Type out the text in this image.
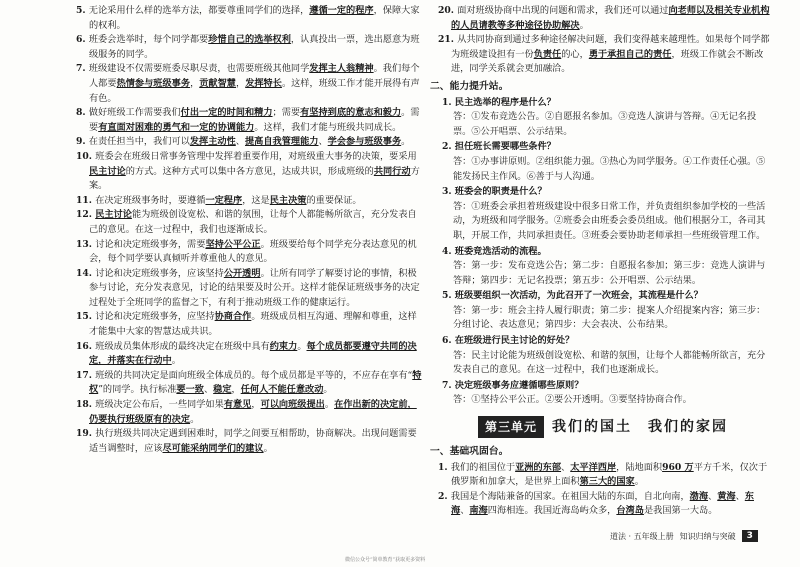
5. 无论采用什么样的选举方法，都要尊重同学们的选择，遵循一定的程序，保障大家的权利。

6. 班委会选举时，每个同学都要珍惜自己的选举权利，认真投出一票，选出愿意为班级服务的同学。

7. 班级建设不仅需要班委尽职尽责，也需要班级其他同学发挥主人翁精神。我们每个人都要热情参与班级事务，贡献智慧，发挥特长。这样，班级工作才能开展得有声有色。

8. 做好班级工作需要我们付出一定的时间和精力；需要有坚持到底的意志和毅力。需要有直面对困难的勇气和一定的协调能力。这样，我们才能与班级共同成长。

9. 在责任担当中，我们可以发挥主动性、提高自我管理能力、学会参与班级事务。

10. 班委会在班级日常事务管理中发挥着重要作用，对班级重大事务的决策，要采用民主讨论的方式。这种方式可以集中各方意见，达成共识，形成班级的共同行动方案。

11. 在决定班级事务时，要遵循一定程序，这是民主决策的重要保证。

12. 民主讨论能为班级创设宽松、和谐的氛围，让每个人都能畅所欲言，充分发表自己的意见。在这一过程中，我们也逐渐成长。

13. 讨论和决定班级事务，需要坚持公平公正。班级要给每个同学充分表达意见的机会，每个同学要认真倾听并尊重他人的意见。

14. 讨论和决定班级事务，应该坚持公开透明。让所有同学了解要讨论的事情，积极参与讨论，充分发表意见，讨论的结果要及时公开。这样才能保证班级事务的决定过程处于全班同学的监督之下，有利于推动班级工作的健康运行。

15. 讨论和决定班级事务，应坚持协商合作。班级成员相互沟通、理解和尊重，这样才能集中大家的智慧达成共识。

16. 班级成员集体形成的最终决定在班级中具有约束力。每个成员都要遵守共同的决定，并落实在行动中。

17. 班级的共同决定是面向班级全体成员的。每个成员都是平等的，不应存在享有“特权”的同学。执行标准要一致、稳定，任何人不能任意改动。

18. 班级决定公布后，一些同学如果有意见，可以向班级提出。在作出新的决定前，仍要执行班级原有的决定。

19. 执行班级共同决定遇到困难时，同学之间要互相帮助，协商解决。出现问题需要适当调整时，应该尽可能采纳同学们的建议。

20. 面对班级协商中出现的问题和需求，我们还可以通过向老师以及相关专业机构的人员请教等多种途径协助解决。

21. 从共同协商到通过多种途径解决问题，我们变得越来越理性。如果每个同学都为班级建设担有一份负责任的心，勇于承担自己的责任，班级工作就会不断改进，同学关系就会更加融洽。

二、能力提升站。
1. 民主选举的程序是什么？
答：①发布竞选公告。②自愿报名参加。③竞选人演讲与答辩。④无记名投票。⑤公开唱票、公示结果。
2. 担任班长需要哪些条件？
答：①办事讲原则。②组织能力强。③热心为同学服务。④工作责任心强。⑤能发扬民主作风。⑥善于与人沟通。
3. 班委会的职责是什么？
答：①班委会承担着班级建设中很多日常工作，并负责组织参加学校的一些活动，为班级和同学服务。②班委会由班委会委员组成。他们根据分工，各司其职，开展工作，共同承担责任。③班委会要协助老师承担一些班级管理工作。
4. 班委竞选活动的流程。
答：第一步：发布竞选公告；第二步：自愿报名参加；第三步：竞选人演讲与答辩；第四步：无记名投票；第五步：公开唱票、公示结果。
5. 班级要组织一次活动，为此召开了一次班会，其流程是什么？
答：第一步：班会主持人履行职责；第二步：提案人介绍提案内容；第三步：分组讨论、表达意见；第四步：大会表决、公布结果。
6. 在班级进行民主讨论的好处？
答：民主讨论能为班级创设宽松、和谐的氛围，让每个人都能畅所欲言，充分发表自己的意见。在这一过程中，我们也逐渐成长。
7. 决定班级事务应遵循哪些原则？
答：①坚持公平公正。②要公开透明。③要坚持协商合作。
第三单元	我们的国土　我们的家园
一、基础巩固台。

1. 我们的祖国位于亚洲的东部、太平洋西岸，陆地面积960 万平方千米，仅次于俄罗斯和加拿大，是世界上面积第三大的国家。

2. 我国是个海陆兼备的国家。在祖国大陆的东面，自北向南，渤海、黄海、东海、南海四海相连。我国近海岛屿众多，台湾岛是我国第一大岛。

道法 · 五年级上册 知识归纳与突破	3
微信公众号“简单教育”获取更多资料
